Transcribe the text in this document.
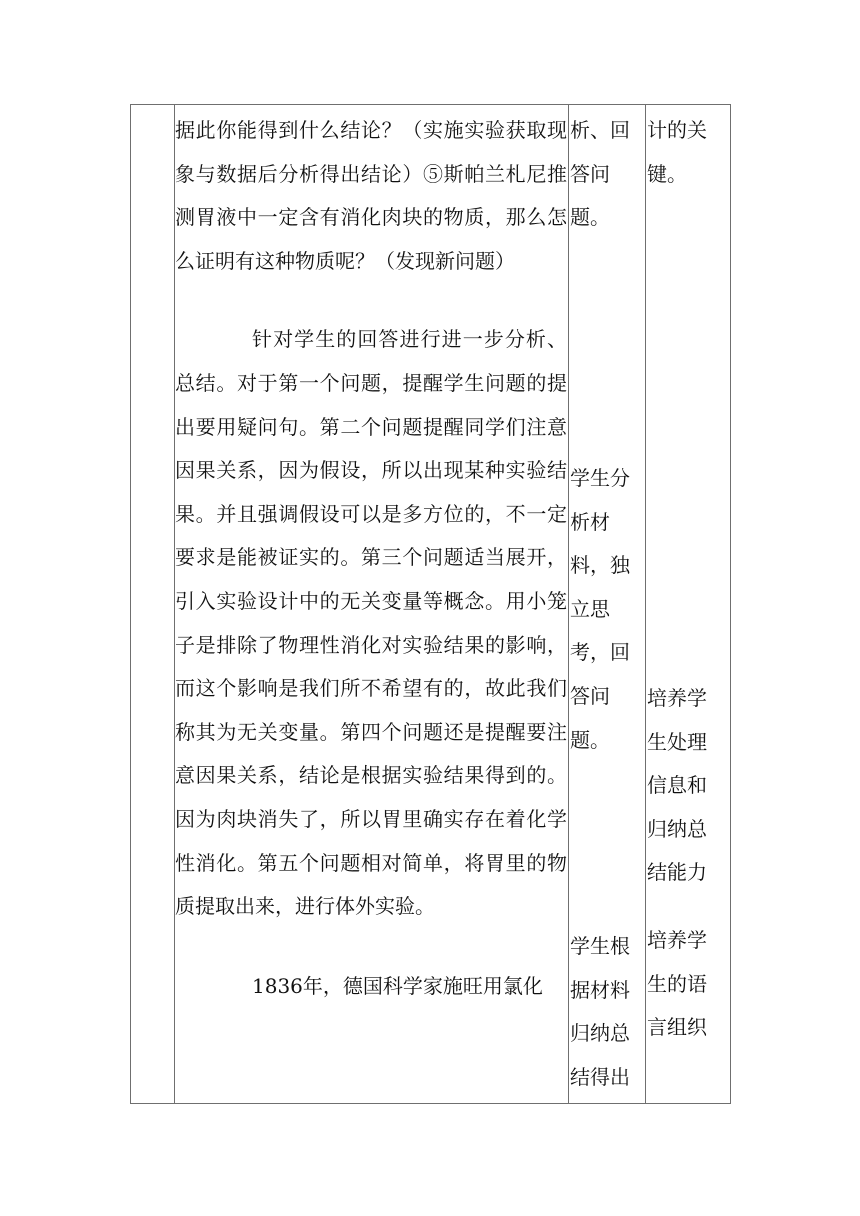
据此你能得到什么结论？（实施实验获取现象与数据后分析得出结论）⑤斯帕兰札尼推测胃液中一定含有消化肉块的物质，那么怎么证明有这种物质呢？（发现新问题）

针对学生的回答进行进一步分析、总结。对于第一个问题，提醒学生问题的提出要用疑问句。第二个问题提醒同学们注意因果关系，因为假设，所以出现某种实验结果。并且强调假设可以是多方位的，不一定要求是能被证实的。第三个问题适当展开，引入实验设计中的无关变量等概念。用小笼子是排除了物理性消化对实验结果的影响，而这个影响是我们所不希望有的，故此我们称其为无关变量。第四个问题还是提醒要注意因果关系，结论是根据实验结果得到的。因为肉块消失了，所以胃里确实存在着化学性消化。第五个问题相对简单，将胃里的物质提取出来，进行体外实验。

1836年，德国科学家施旺用氯化

析、回答问题。

学生分析材料，独立思考，回答问题。

学生根据材料归纳总结得出

计的关键。

培养学生处理信息和归纳总结能力

培养学生的语言组织
